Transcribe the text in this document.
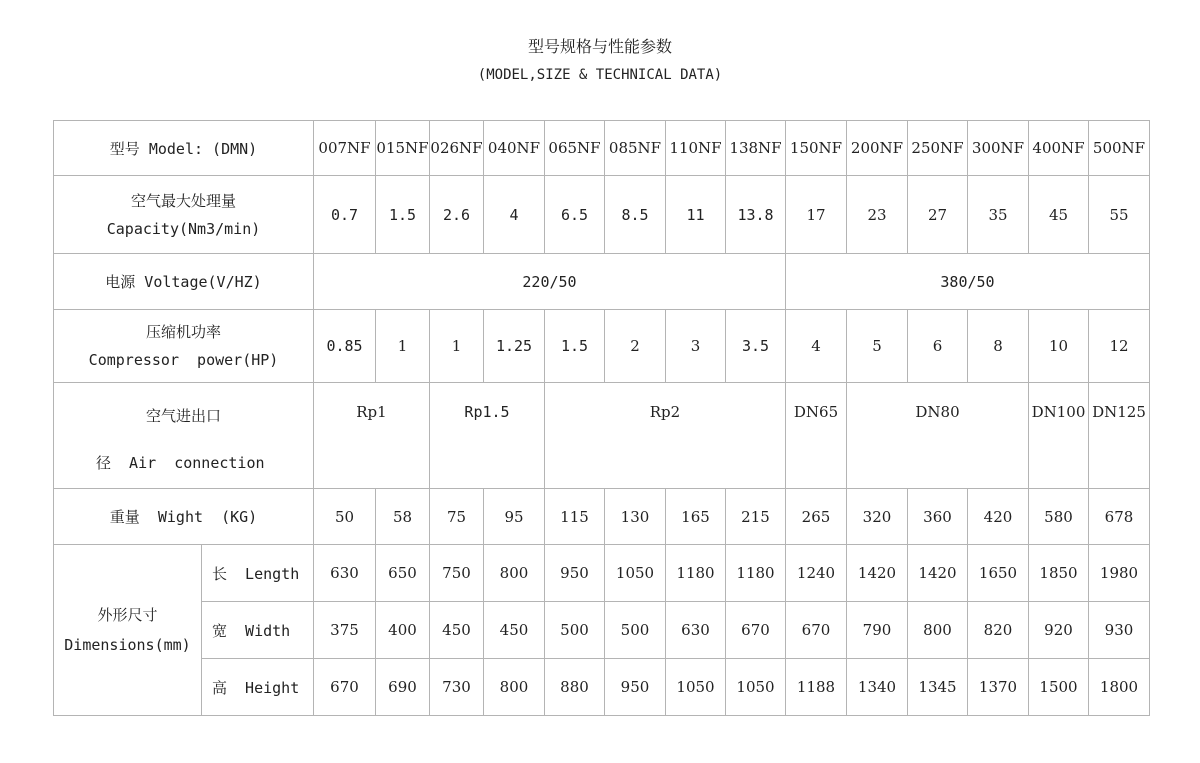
型号规格与性能参数
(MODEL,SIZE & TECHNICAL DATA)
型号 Model: (DMN)		007NF	015NF	026NF	040NF	065NF	085NF	110NF	138NF	150NF	200NF	250NF	300NF	400NF	500NF

空气最大处理量
Capacity(Nm3/min)		0.7	1.5	2.6	4	6.5	8.5	11	13.8	17	23	27	35	45	55
电源 Voltage(V/HZ)		220/50								380/50					

压缩机功率
Compressor  power(HP)		0.85	1	1	1.25	1.5	2	3	3.5	4	5	6	8	10	12

空气进出口
径  Air  connection		Rp1		Rp1.5		Rp2				DN65	DN80			DN100	DN125
重量  Wight  (KG)		50	58	75	95	115	130	165	215	265	320	360	420	580	678

外形尺寸
Dimensions(mm)	长  Length	630	650	750	800	950	1050	1180	1180	1240	1420	1420	1650	1850	1980
	宽  Width	375	400	450	450	500	500	630	670	670	790	800	820	920	930
	高  Height	670	690	730	800	880	950	1050	1050	1188	1340	1345	1370	1500	1800
